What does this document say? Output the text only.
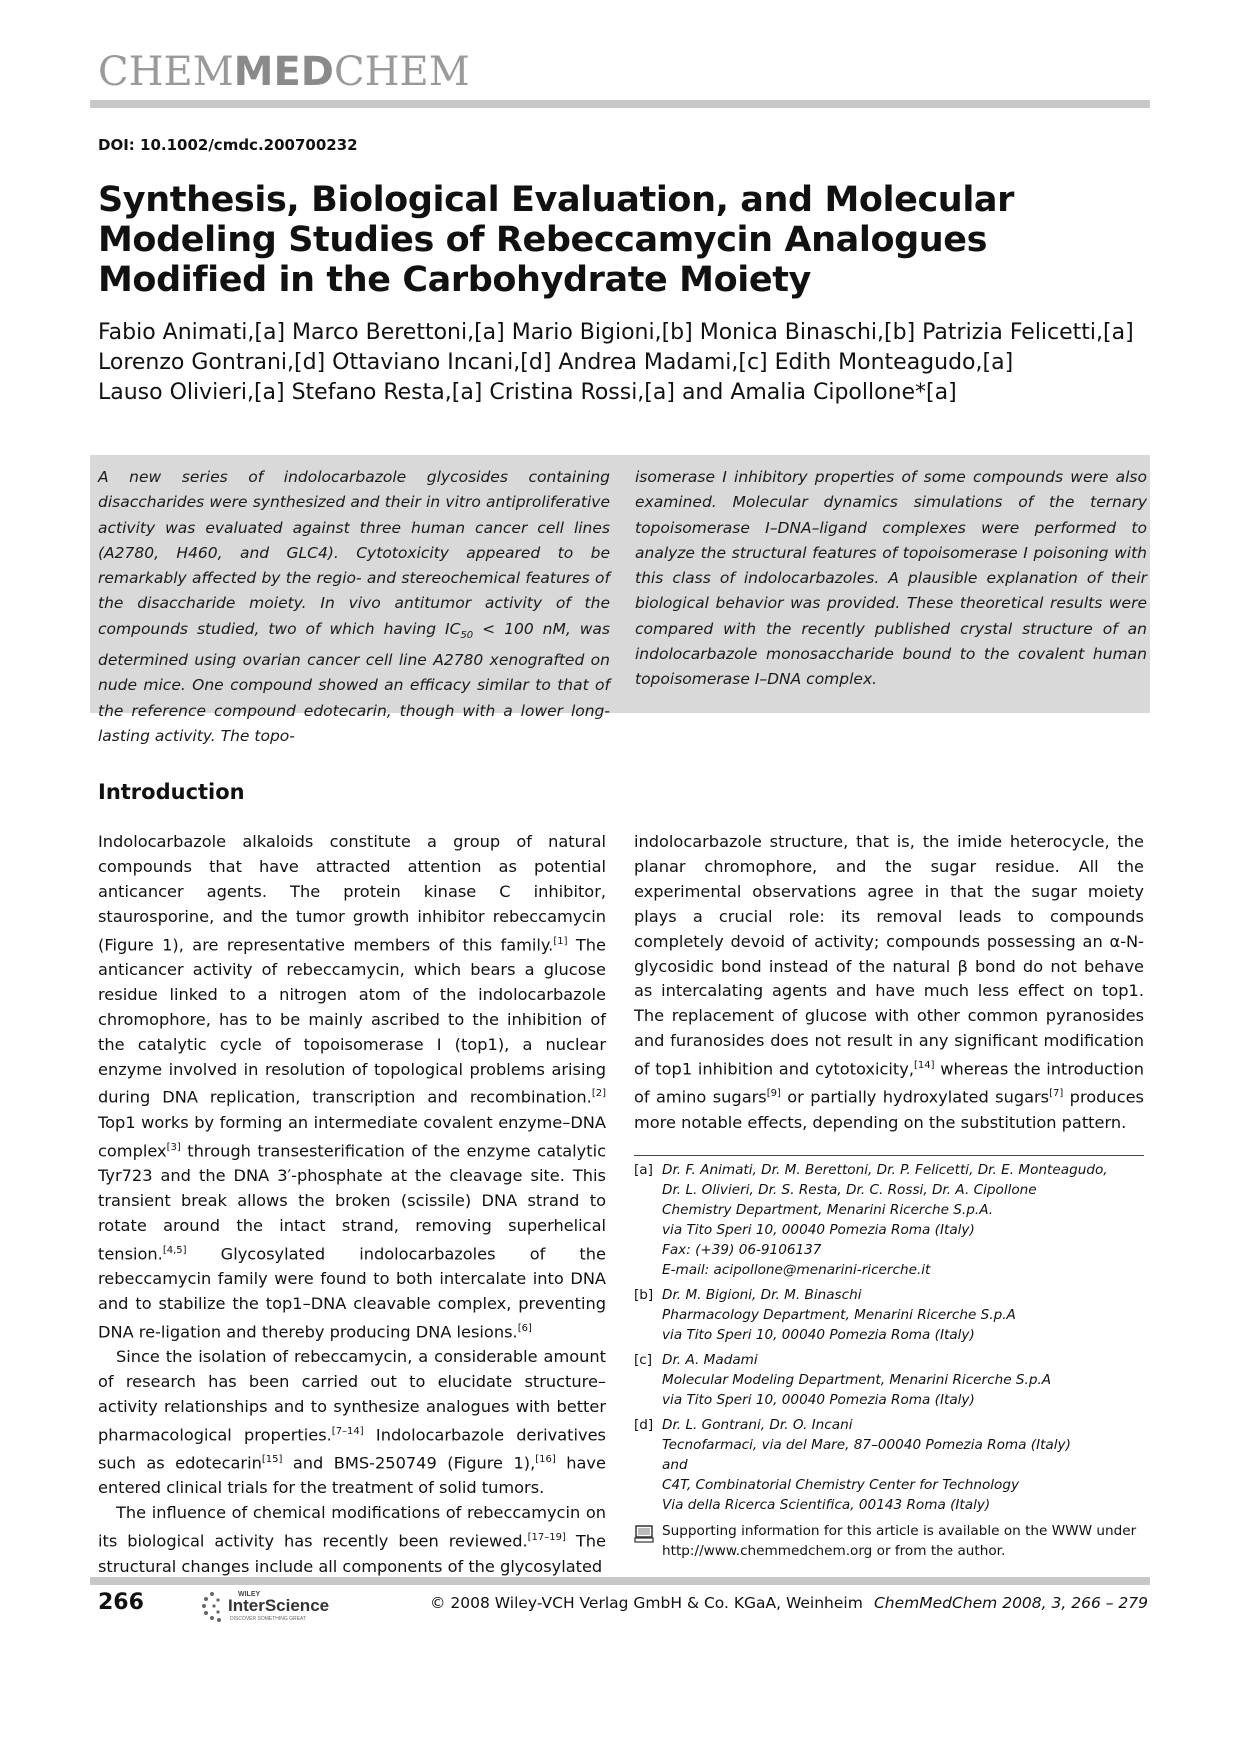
CHEMMEDCHEM
DOI: 10.1002/cmdc.200700232
Synthesis, Biological Evaluation, and Molecular Modeling Studies of Rebeccamycin Analogues Modified in the Carbohydrate Moiety
Fabio Animati,[a] Marco Berettoni,[a] Mario Bigioni,[b] Monica Binaschi,[b] Patrizia Felicetti,[a]
Lorenzo Gontrani,[d] Ottaviano Incani,[d] Andrea Madami,[c] Edith Monteagudo,[a]
Lauso Olivieri,[a] Stefano Resta,[a] Cristina Rossi,[a] and Amalia Cipollone*[a]
A new series of indolocarbazole glycosides containing disaccharides were synthesized and their in vitro antiproliferative activity was evaluated against three human cancer cell lines (A2780, H460, and GLC4). Cytotoxicity appeared to be remarkably affected by the regio- and stereochemical features of the disaccharide moiety. In vivo antitumor activity of the compounds studied, two of which having $IC_{50} < 100$ nM, was determined using ovarian cancer cell line A2780 xenografted on nude mice. One compound showed an efficacy similar to that of the reference compound edotecarin, though with a lower long-lasting activity. The topo-
isomerase I inhibitory properties of some compounds were also examined. Molecular dynamics simulations of the ternary topoisomerase I–DNA–ligand complexes were performed to analyze the structural features of topoisomerase I poisoning with this class of indolocarbazoles. A plausible explanation of their biological behavior was provided. These theoretical results were compared with the recently published crystal structure of an indolocarbazole monosaccharide bound to the covalent human topoisomerase I–DNA complex.
Introduction

Indolocarbazole alkaloids constitute a group of natural compounds that have attracted attention as potential anticancer agents. The protein kinase C inhibitor, staurosporine, and the tumor growth inhibitor rebeccamycin (Figure 1), are representative members of this family.[1] The anticancer activity of rebeccamycin, which bears a glucose residue linked to a nitrogen atom of the indolocarbazole chromophore, has to be mainly ascribed to the inhibition of the catalytic cycle of topoisomerase I (top1), a nuclear enzyme involved in resolution of topological problems arising during DNA replication, transcription and recombination.[2] Top1 works by forming an intermediate covalent enzyme–DNA complex[3] through transesterification of the enzyme catalytic Tyr723 and the DNA 3′-phosphate at the cleavage site. This transient break allows the broken (scissile) DNA strand to rotate around the intact strand, removing superhelical tension.[4,5] Glycosylated indolocarbazoles of the rebeccamycin family were found to both intercalate into DNA and to stabilize the top1–DNA cleavable complex, preventing DNA re-ligation and thereby producing DNA lesions.[6]

Since the isolation of rebeccamycin, a considerable amount of research has been carried out to elucidate structure–activity relationships and to synthesize analogues with better pharmacological properties.[7–14] Indolocarbazole derivatives such as edotecarin[15] and BMS-250749 (Figure 1),[16] have entered clinical trials for the treatment of solid tumors.

The influence of chemical modifications of rebeccamycin on its biological activity has recently been reviewed.[17–19] The structural changes include all components of the glycosylated

indolocarbazole structure, that is, the imide heterocycle, the planar chromophore, and the sugar residue. All the experimental observations agree in that the sugar moiety plays a crucial role: its removal leads to compounds completely devoid of activity; compounds possessing an α-N-glycosidic bond instead of the natural β bond do not behave as intercalating agents and have much less effect on top1. The replacement of glucose with other common pyranosides and furanosides does not result in any significant modification of top1 inhibition and cytotoxicity,[14] whereas the introduction of amino sugars[9] or partially hydroxylated sugars[7] produces more notable effects, depending on the substitution pattern.

[a] Dr. F. Animati, Dr. M. Berettoni, Dr. P. Felicetti, Dr. E. Monteagudo,
Dr. L. Olivieri, Dr. S. Resta, Dr. C. Rossi, Dr. A. Cipollone
Chemistry Department, Menarini Ricerche S.p.A.
via Tito Speri 10, 00040 Pomezia Roma (Italy)
Fax: (+39) 06-9106137
E-mail: acipollone@menarini-ricerche.it
[b] Dr. M. Bigioni, Dr. M. Binaschi
Pharmacology Department, Menarini Ricerche S.p.A
via Tito Speri 10, 00040 Pomezia Roma (Italy)
[c] Dr. A. Madami
Molecular Modeling Department, Menarini Ricerche S.p.A
via Tito Speri 10, 00040 Pomezia Roma (Italy)
[d] Dr. L. Gontrani, Dr. O. Incani
Tecnofarmaci, via del Mare, 87–00040 Pomezia Roma (Italy)
and
C4T, Combinatorial Chemistry Center for Technology
Via della Ricerca Scientifica, 00143 Roma (Italy)
Supporting information for this article is available on the WWW under http://www.chemmedchem.org or from the author.
266	WILEY
InterScience
DISCOVER SOMETHING GREAT
© 2008 Wiley-VCH Verlag GmbH & Co. KGaA, Weinheim ChemMedChem 2008, 3, 266 – 279
